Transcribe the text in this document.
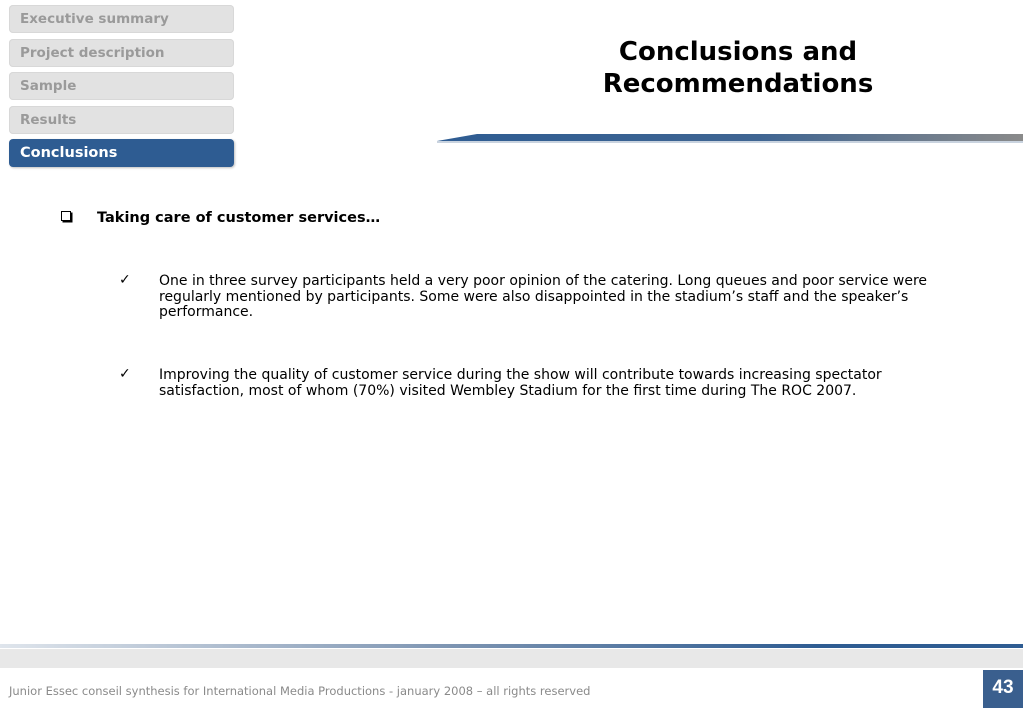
Executive summary
Project description
Sample
Results
Conclusions
Conclusions and
Recommendations
Taking care of customer services…
✓ One in three survey participants held a very poor opinion of the catering. Long queues and poor service were regularly mentioned by participants. Some were also disappointed in the stadium’s staff and the speaker’s performance.
✓ Improving the quality of customer service during the show will contribute towards increasing spectator satisfaction, most of whom (70%) visited Wembley Stadium for the first time during The ROC 2007.
Junior Essec conseil synthesis for International Media Productions - january 2008 – all rights reserved	43
